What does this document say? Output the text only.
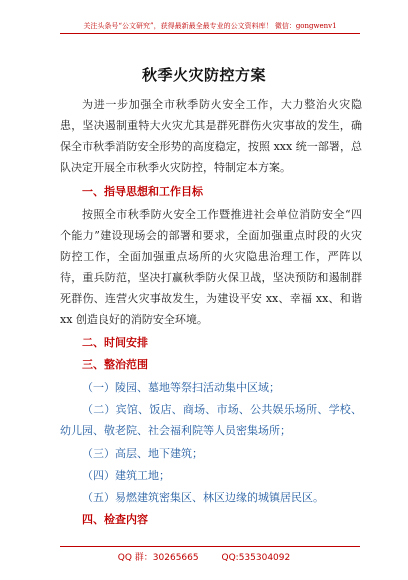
关注头条号“公文研究”，获得最新最全最专业的公文资料库！ 微信：gongwenv1
秋季火灾防控方案
为进一步加强全市秋季防火安全工作，大力整治火灾隐患，坚决遏制重特大火灾尤其是群死群伤火灾事故的发生，确保全市秋季消防安全形势的高度稳定，按照 xxx 统一部署，总队决定开展全市秋季火灾防控，特制定本方案。
一、指导思想和工作目标
按照全市秋季防火安全工作暨推进社会单位消防安全“四个能力”建设现场会的部署和要求，全面加强重点时段的火灾防控工作，全面加强重点场所的火灾隐患治理工作，严阵以待，重兵防范，坚决打赢秋季防火保卫战，坚决预防和遏制群死群伤、连营火灾事故发生，为建设平安 xx、幸福 xx、和谐 xx 创造良好的消防安全环境。
二、时间安排
三、整治范围
（一）陵园、墓地等祭扫活动集中区域；
（二）宾馆、饭店、商场、市场、公共娱乐场所、学校、幼儿园、敬老院、社会福利院等人员密集场所；
（三）高层、地下建筑；
（四）建筑工地；
（五）易燃建筑密集区、林区边缘的城镇居民区。
四、检查内容
QQ 群：30265665        QQ:535304092
